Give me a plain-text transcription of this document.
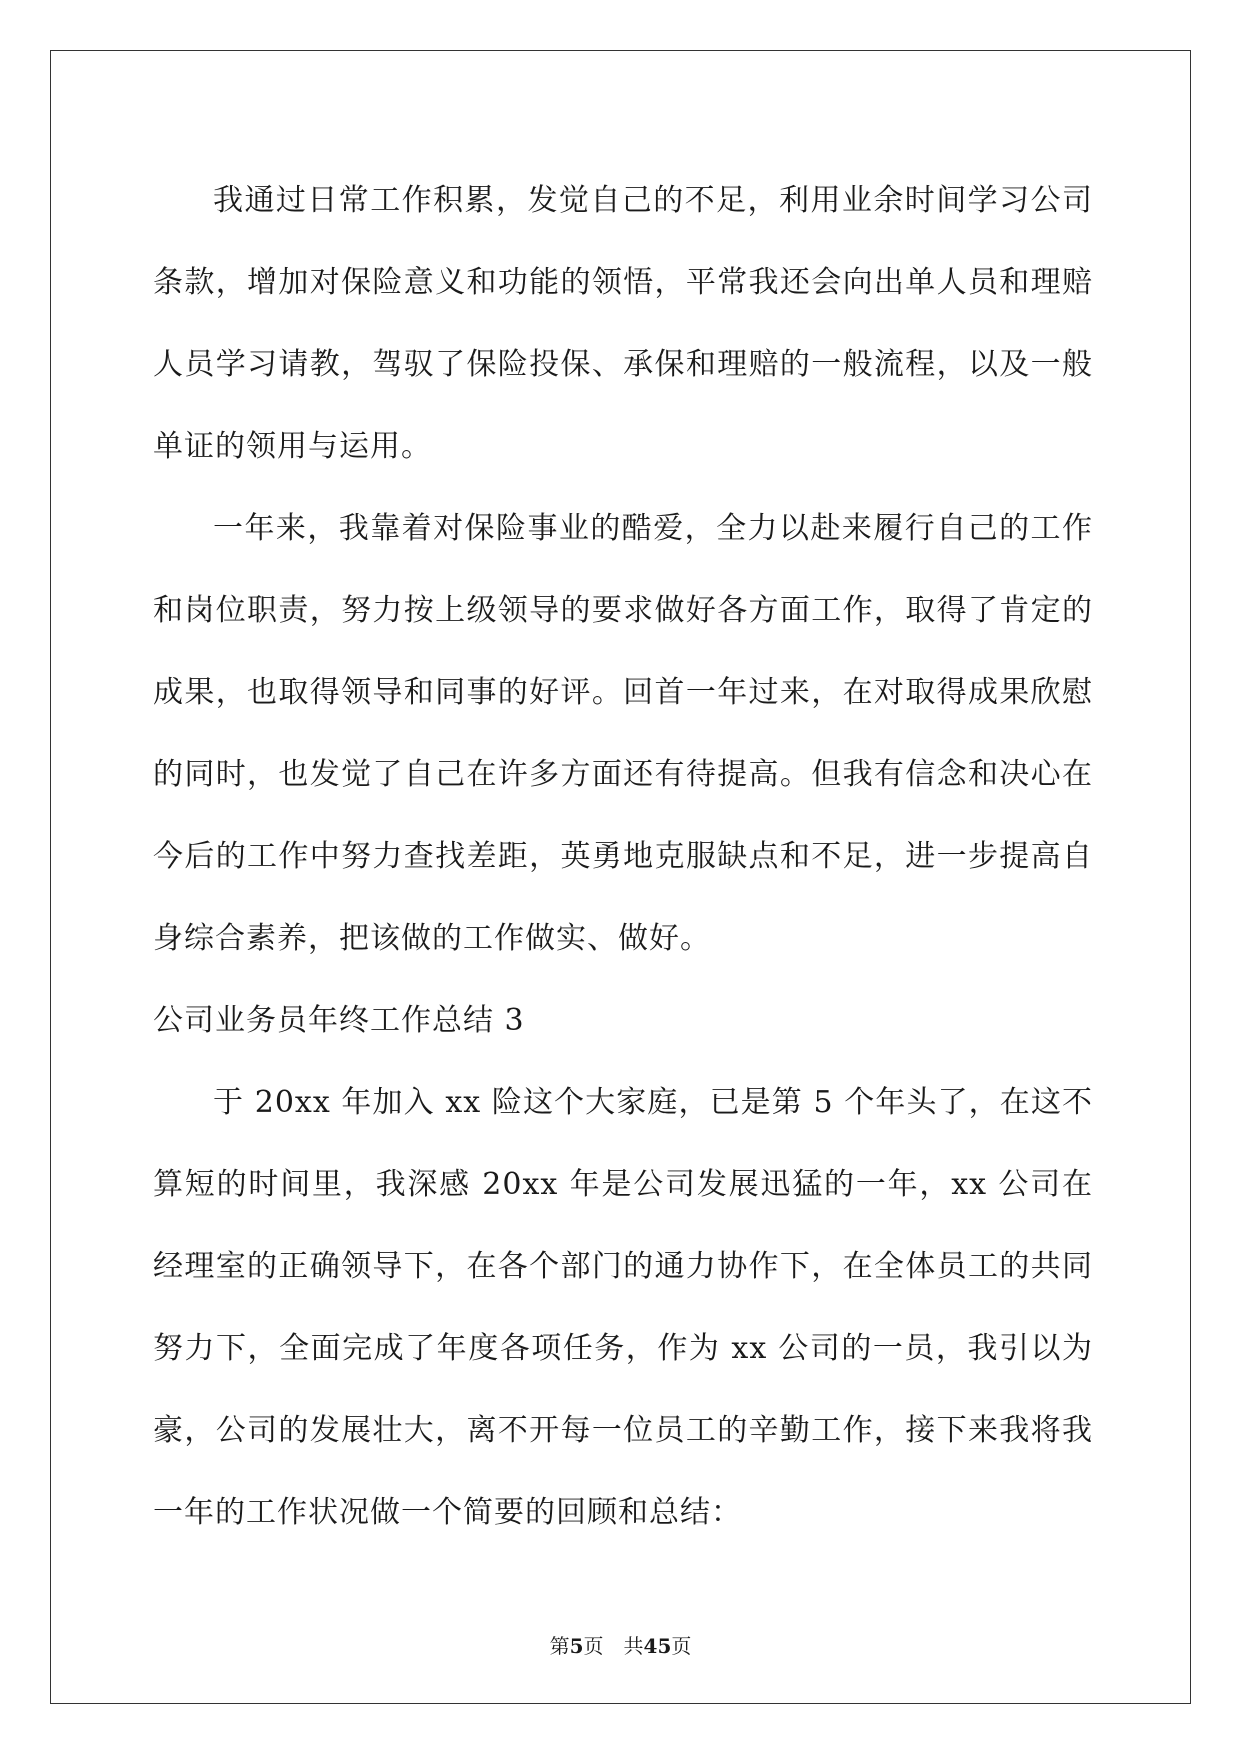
我通过日常工作积累，发觉自己的不足，利用业余时间学习公司条款，增加对保险意义和功能的领悟，平常我还会向出单人员和理赔人员学习请教，驾驭了保险投保、承保和理赔的一般流程，以及一般单证的领用与运用。

一年来，我靠着对保险事业的酷爱，全力以赴来履行自己的工作和岗位职责，努力按上级领导的要求做好各方面工作，取得了肯定的成果，也取得领导和同事的好评。回首一年过来，在对取得成果欣慰的同时，也发觉了自己在许多方面还有待提高。但我有信念和决心在今后的工作中努力查找差距，英勇地克服缺点和不足，进一步提高自身综合素养，把该做的工作做实、做好。

公司业务员年终工作总结 3

于 20xx 年加入 xx 险这个大家庭，已是第 5 个年头了，在这不算短的时间里，我深感 20xx 年是公司发展迅猛的一年，xx 公司在经理室的正确领导下，在各个部门的通力协作下，在全体员工的共同努力下，全面完成了年度各项任务，作为 xx 公司的一员，我引以为豪，公司的发展壮大，离不开每一位员工的辛勤工作，接下来我将我一年的工作状况做一个简要的回顾和总结：

第5页 共45页
